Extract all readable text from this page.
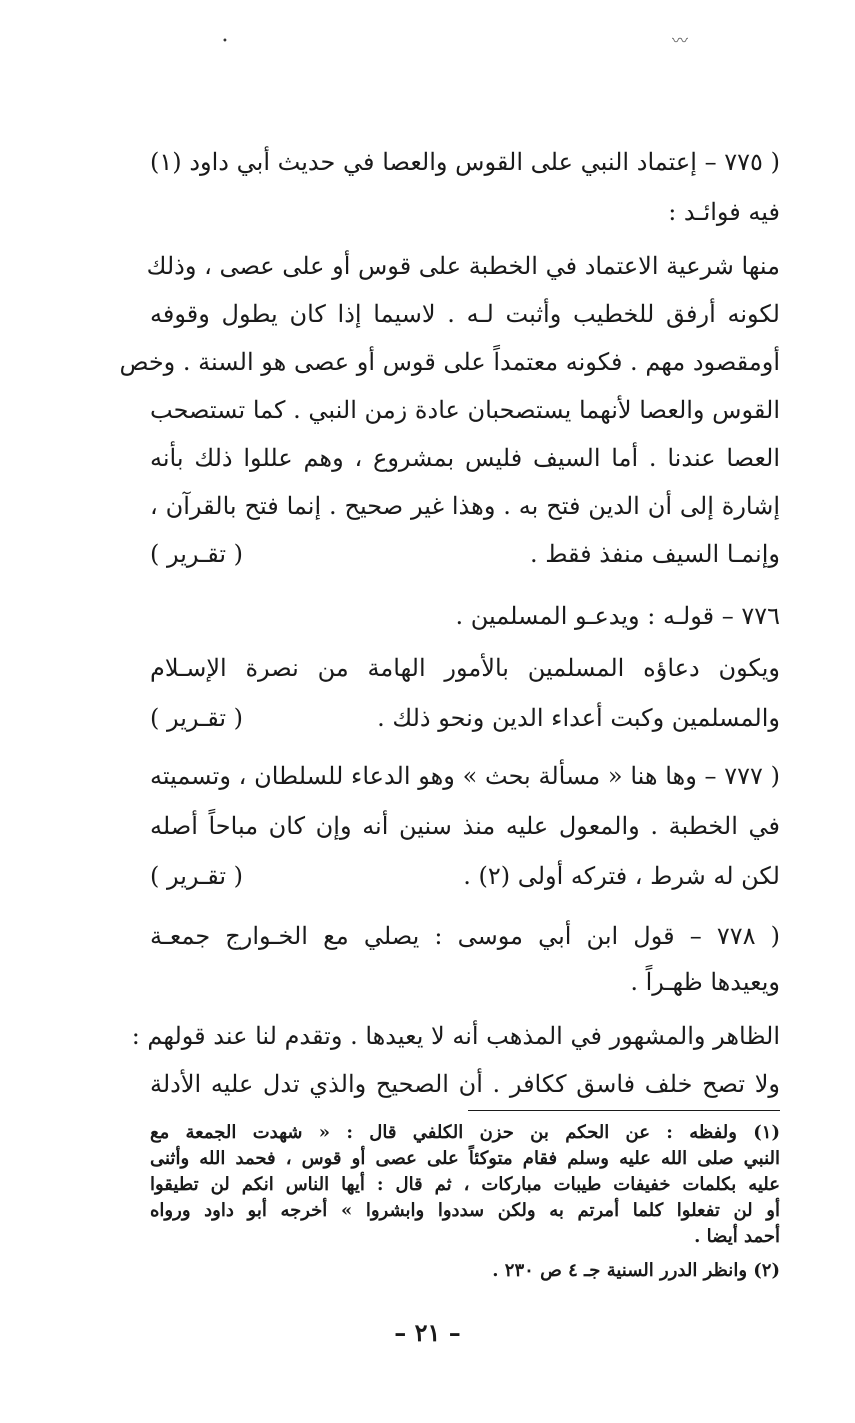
•	〰
( ٧٧٥ – إعتماد النبي على القوس والعصا في حديث أبي داود (١)
فيه فوائـد :
منها شرعية الاعتماد في الخطبة على قوس أو على عصى ، وذلك
لكونه أرفق للخطيب وأثبت لـه . لاسيما إذا كان يطول وقوفه
أومقصود مهم . فكونه معتمداً على قوس أو عصى هو السنة . وخص
القوس والعصا لأنهما يستصحبان عادة زمن النبي . كما تستصحب
العصا عندنا . أما السيف فليس بمشروع ، وهم عللوا ذلك بأنه
إشارة إلى أن الدين فتح به . وهذا غير صحيح . إنما فتح بالقرآن ،
وإنمـا السيف منفذ فقط .
( تقـرير )
٧٧٦ – قولـه : ويدعـو المسلمين .
ويكون دعاؤه المسلمين بالأمور الهامة من نصرة الإسـلام
والمسلمين وكبت أعداء الدين ونحو ذلك .
( تقـرير )
( ٧٧٧ – وها هنا « مسألة بحث » وهو الدعاء للسلطان ، وتسميته
في الخطبة . والمعول عليه منذ سنين أنه وإن كان مباحاً أصله
لكن له شرط ، فتركه أولى (٢) .
( تقـرير )
( ٧٧٨ – قول ابن أبي موسى : يصلي مع الخـوارج جمعـة
ويعيدها ظهـراً .
الظاهر والمشهور في المذهب أنه لا يعيدها . وتقدم لنا عند قولهم :
ولا تصح خلف فاسق ككافر . أن الصحيح والذي تدل عليه الأدلة
(١) ولفظه : عن الحكم بن حزن الكلفي قال : « شهدت الجمعة مع
النبي صلى الله عليه وسلم فقام متوكئاً على عصى أو قوس ، فحمد الله وأثنى
عليه بكلمات خفيفات طيبات مباركات ، ثم قال : أيها الناس انكم لن تطيقوا
أو لن تفعلوا كلما أمرتم به ولكن سددوا وابشروا » أخرجه أبو داود ورواه
أحمد أيضا .
(٢) وانظر الدرر السنية جـ ٤ ص ٢٣٠ .
– ٢١ –
